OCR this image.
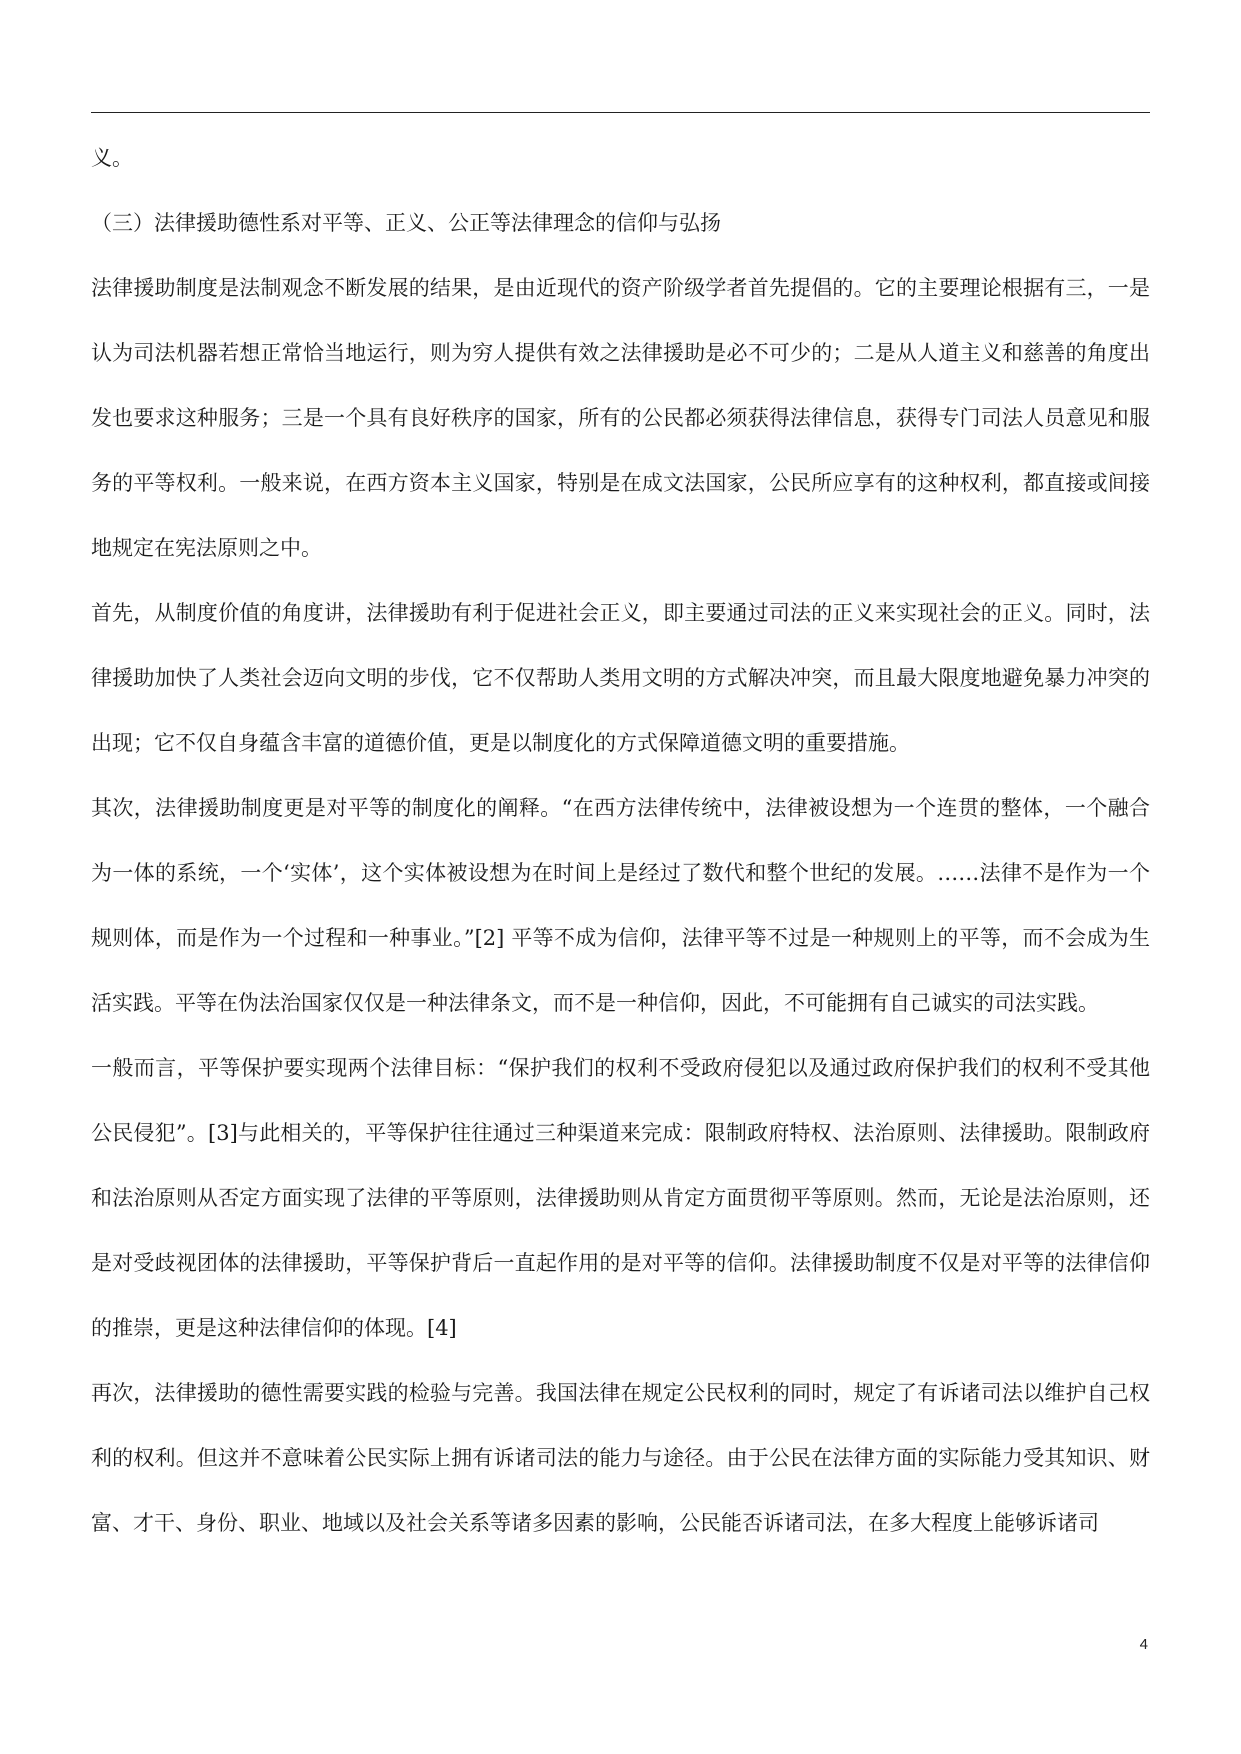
义。

（三）法律援助德性系对平等、正义、公正等法律理念的信仰与弘扬

法律援助制度是法制观念不断发展的结果，是由近现代的资产阶级学者首先提倡的。它的主要理论根据有三，一是认为司法机器若想正常恰当地运行，则为穷人提供有效之法律援助是必不可少的；二是从人道主义和慈善的角度出发也要求这种服务；三是一个具有良好秩序的国家，所有的公民都必须获得法律信息，获得专门司法人员意见和服务的平等权利。一般来说，在西方资本主义国家，特别是在成文法国家，公民所应享有的这种权利，都直接或间接地规定在宪法原则之中。

首先，从制度价值的角度讲，法律援助有利于促进社会正义，即主要通过司法的正义来实现社会的正义。同时，法律援助加快了人类社会迈向文明的步伐，它不仅帮助人类用文明的方式解决冲突，而且最大限度地避免暴力冲突的出现；它不仅自身蕴含丰富的道德价值，更是以制度化的方式保障道德文明的重要措施。

其次，法律援助制度更是对平等的制度化的阐释。“在西方法律传统中，法律被设想为一个连贯的整体，一个融合为一体的系统，一个‘实体’，这个实体被设想为在时间上是经过了数代和整个世纪的发展。……法律不是作为一个规则体，而是作为一个过程和一种事业。”[2] 平等不成为信仰，法律平等不过是一种规则上的平等，而不会成为生活实践。平等在伪法治国家仅仅是一种法律条文，而不是一种信仰，因此，不可能拥有自己诚实的司法实践。

一般而言，平等保护要实现两个法律目标：“保护我们的权利不受政府侵犯以及通过政府保护我们的权利不受其他公民侵犯”。[3]与此相关的，平等保护往往通过三种渠道来完成：限制政府特权、法治原则、法律援助。限制政府和法治原则从否定方面实现了法律的平等原则，法律援助则从肯定方面贯彻平等原则。然而，无论是法治原则，还是对受歧视团体的法律援助，平等保护背后一直起作用的是对平等的信仰。法律援助制度不仅是对平等的法律信仰的推崇，更是这种法律信仰的体现。[4]

再次，法律援助的德性需要实践的检验与完善。我国法律在规定公民权利的同时，规定了有诉诸司法以维护自己权利的权利。但这并不意味着公民实际上拥有诉诸司法的能力与途径。由于公民在法律方面的实际能力受其知识、财富、才干、身份、职业、地域以及社会关系等诸多因素的影响，公民能否诉诸司法，在多大程度上能够诉诸司

4
